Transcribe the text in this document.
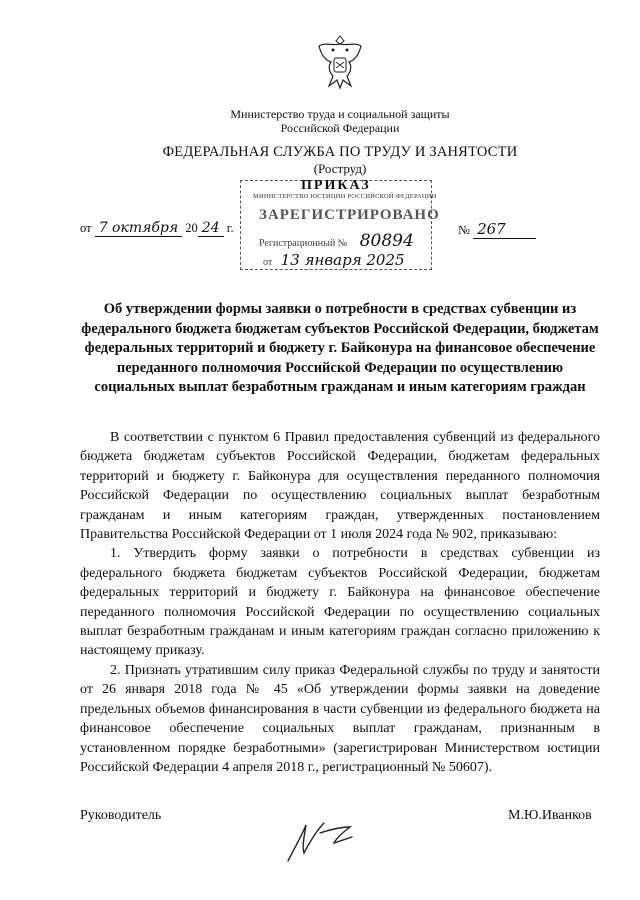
Министерство труда и социальной защиты
Российской Федерации
ФЕДЕРАЛЬНАЯ СЛУЖБА ПО ТРУДУ И ЗАНЯТОСТИ
(Роструд)
ПРИКАЗ
МИНИСТЕРСТВО ЮСТИЦИИ РОССИЙСКОЙ ФЕДЕРАЦИИ
ЗАРЕГИСТРИРОВАНО
Регистрационный № 80894
от 13 января 2025
от 7 октября 20 24 г.	№ 267
Об утверждении формы заявки о потребности в средствах субвенции из федерального бюджета бюджетам субъектов Российской Федерации, бюджетам федеральных территорий и бюджету г. Байконура на финансовое обеспечение переданного полномочия Российской Федерации по осуществлению социальных выплат безработным гражданам и иным категориям граждан

В соответствии с пунктом 6 Правил предоставления субвенций из федерального бюджета бюджетам субъектов Российской Федерации, бюджетам федеральных территорий и бюджету г. Байконура для осуществления переданного полномочия Российской Федерации по осуществлению социальных выплат безработным гражданам и иным категориям граждан, утвержденных постановлением Правительства Российской Федерации от 1 июля 2024 года № 902, приказываю:

1. Утвердить форму заявки о потребности в средствах субвенции из федерального бюджета бюджетам субъектов Российской Федерации, бюджетам федеральных территорий и бюджету г. Байконура на финансовое обеспечение переданного полномочия Российской Федерации по осуществлению социальных выплат безработным гражданам и иным категориям граждан согласно приложению к настоящему приказу.

2. Признать утратившим силу приказ Федеральной службы по труду и занятости от 26 января 2018 года № 45 «Об утверждении формы заявки на доведение предельных объемов финансирования в части субвенции из федерального бюджета на финансовое обеспечение социальных выплат гражданам, признанным в установленном порядке безработными» (зарегистрирован Министерством юстиции Российской Федерации 4 апреля 2018 г., регистрационный № 50607).

Руководитель	М.Ю.Иванков
